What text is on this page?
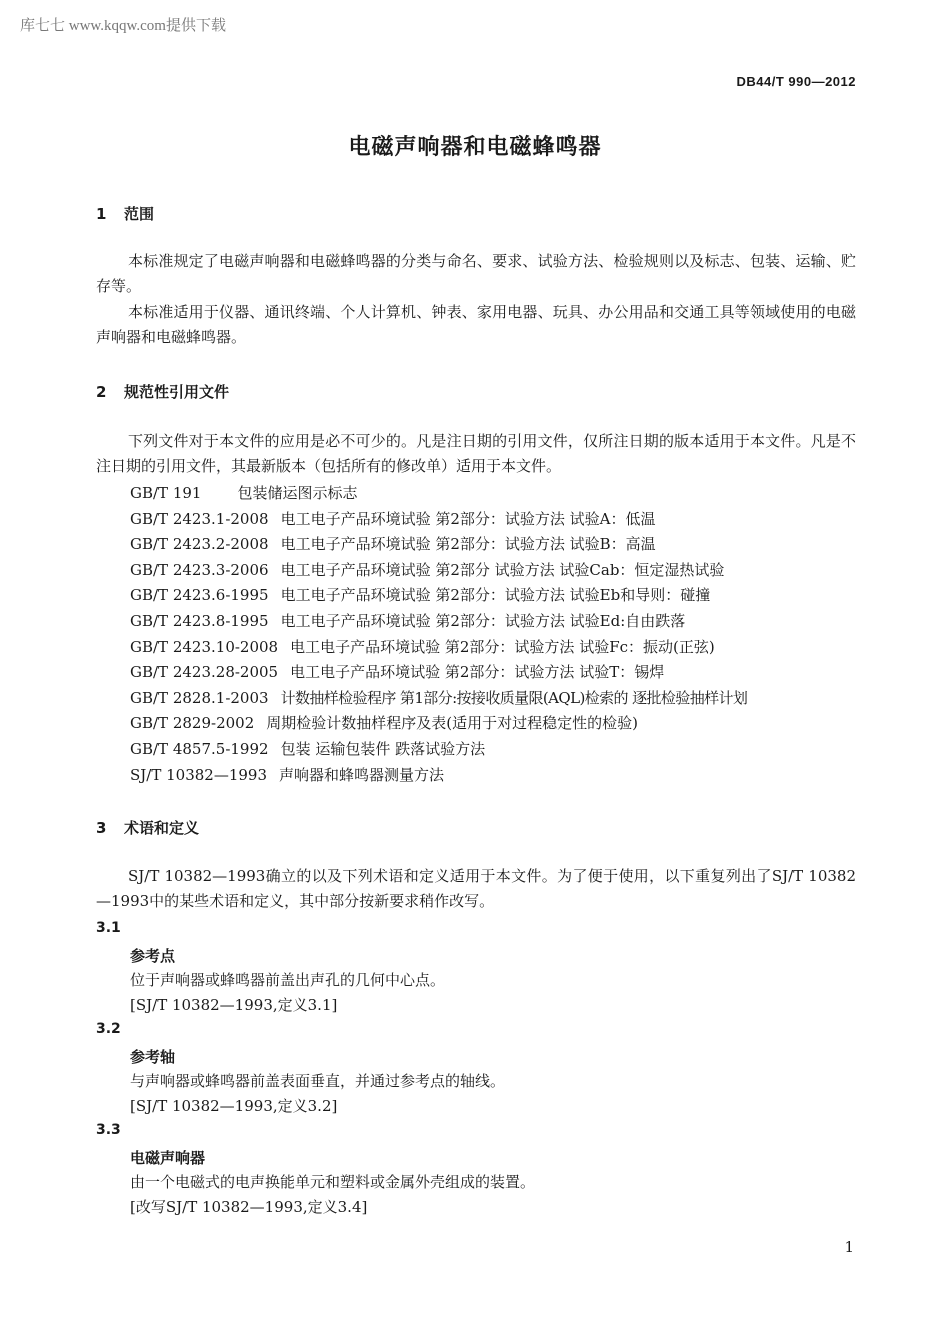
库七七 www.kqqw.com提供下载
DB44/T 990—2012
电磁声响器和电磁蜂鸣器
1 范围
本标准规定了电磁声响器和电磁蜂鸣器的分类与命名、要求、试验方法、检验规则以及标志、包装、运输、贮存等。
本标准适用于仪器、通讯终端、个人计算机、钟表、家用电器、玩具、办公用品和交通工具等领域使用的电磁声响器和电磁蜂鸣器。
2 规范性引用文件
下列文件对于本文件的应用是必不可少的。凡是注日期的引用文件，仅所注日期的版本适用于本文件。凡是不注日期的引用文件，其最新版本（包括所有的修改单）适用于本文件。
GB/T 191 包装储运图示标志
GB/T 2423.1-2008 电工电子产品环境试验 第2部分：试验方法 试验A：低温
GB/T 2423.2-2008 电工电子产品环境试验 第2部分：试验方法 试验B：高温
GB/T 2423.3-2006 电工电子产品环境试验 第2部分 试验方法 试验Cab：恒定湿热试验
GB/T 2423.6-1995 电工电子产品环境试验 第2部分：试验方法 试验Eb和导则：碰撞
GB/T 2423.8-1995 电工电子产品环境试验 第2部分：试验方法 试验Ed:自由跌落
GB/T 2423.10-2008 电工电子产品环境试验 第2部分：试验方法 试验Fc：振动(正弦)
GB/T 2423.28-2005 电工电子产品环境试验 第2部分：试验方法 试验T：锡焊
GB/T 2828.1-2003 计数抽样检验程序 第1部分:按接收质量限(AQL)检索的 逐批检验抽样计划
GB/T 2829-2002 周期检验计数抽样程序及表(适用于对过程稳定性的检验)
GB/T 4857.5-1992 包装 运输包装件 跌落试验方法
SJ/T 10382—1993 声响器和蜂鸣器测量方法
3 术语和定义
SJ/T 10382—1993确立的以及下列术语和定义适用于本文件。为了便于使用，以下重复列出了SJ/T 10382—1993中的某些术语和定义，其中部分按新要求稍作改写。
3.1
参考点
位于声响器或蜂鸣器前盖出声孔的几何中心点。
[SJ/T 10382—1993,定义3.1]
3.2
参考轴
与声响器或蜂鸣器前盖表面垂直，并通过参考点的轴线。
[SJ/T 10382—1993,定义3.2]
3.3
电磁声响器
由一个电磁式的电声换能单元和塑料或金属外壳组成的装置。
[改写SJ/T 10382—1993,定义3.4]
1
